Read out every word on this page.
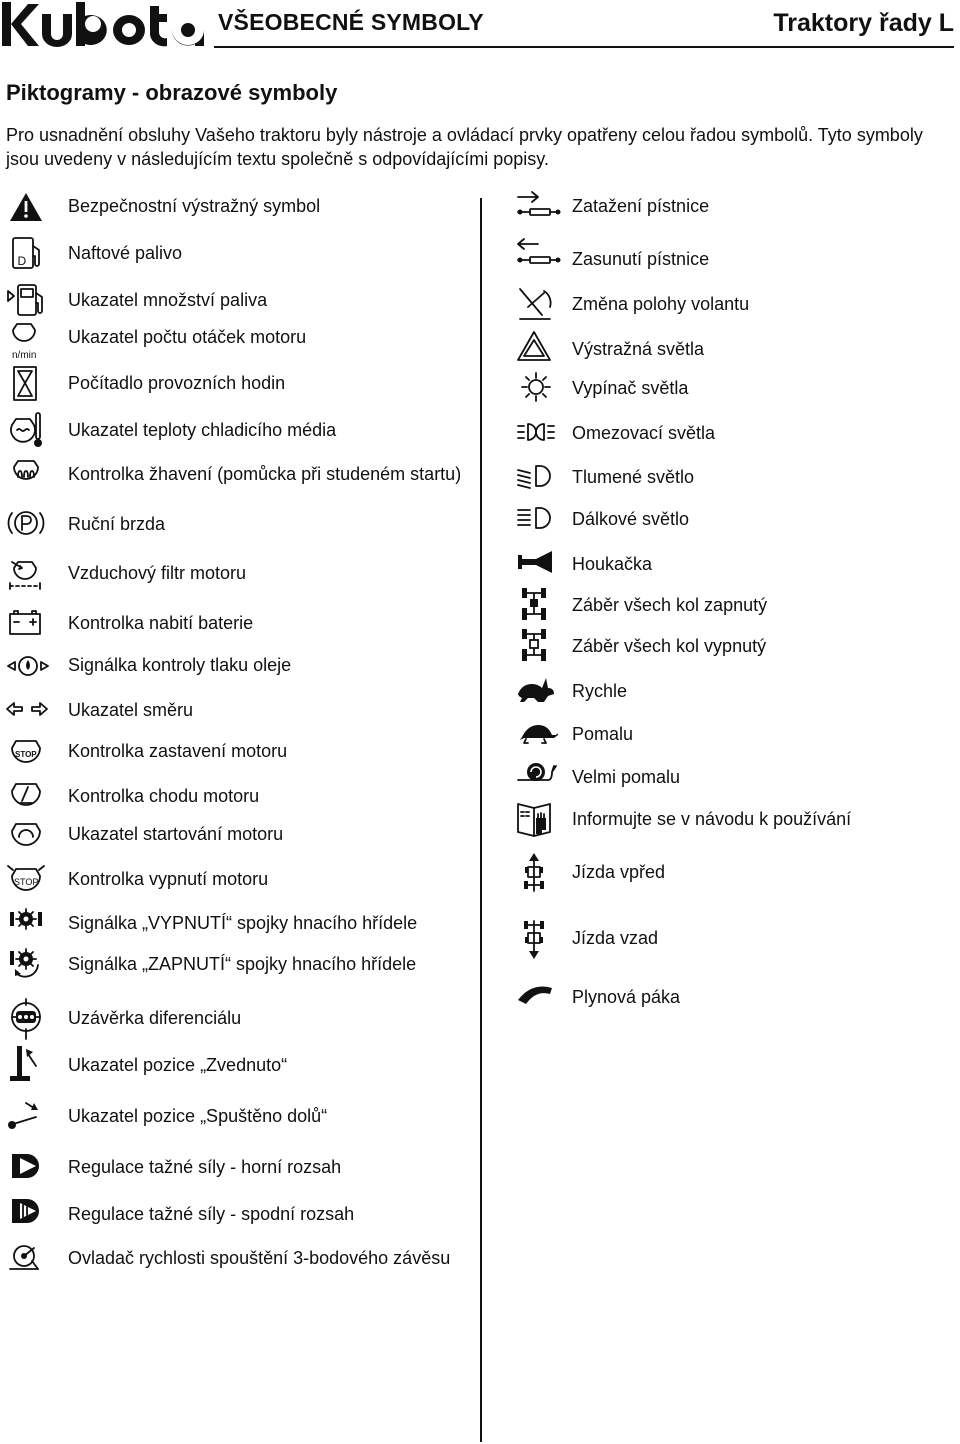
VŠEOBECNÉ SYMBOLY	Traktory řady L
Piktogramy - obrazové symboly
Pro usnadnění obsluhy Vašeho traktoru byly nástroje a ovládací prvky opatřeny celou řadou symbolů. Tyto symboly jsou uvedeny v následujícím textu společně s odpovídajícími popisy.
Bezpečnostní výstražný symbol
D Naftové palivo
Ukazatel množství paliva
n/min
Ukazatel počtu otáček motoru
Počítadlo provozních hodin
Ukazatel teploty chladicího média
Kontrolka žhavení (pomůcka při studeném startu)
Ruční brzda
Vzduchový filtr motoru
Kontrolka nabití baterie
Signálka kontroly tlaku oleje
Ukazatel směru
STOP Kontrolka zastavení motoru
Kontrolka chodu motoru
Ukazatel startování motoru
STOP Kontrolka vypnutí motoru
Signálka „VYPNUTÍ“ spojky hnacího hřídele
Signálka „ZAPNUTÍ“ spojky hnacího hřídele
Uzávěrka diferenciálu
Ukazatel pozice „Zvednuto“
Ukazatel pozice „Spuštěno dolů“
Regulace tažné síly - horní rozsah
Regulace tažné síly - spodní rozsah
Ovladač rychlosti spouštění 3-bodového závěsu
Zatažení pístnice
Zasunutí pístnice
Změna polohy volantu
Výstražná světla
Vypínač světla
Omezovací světla
Tlumené světlo
Dálkové světlo
Houkačka
Záběr všech kol zapnutý
Záběr všech kol vypnutý
Rychle
Pomalu
Velmi pomalu
Informujte se v návodu k používání
Jízda vpřed
Jízda vzad
Plynová páka
